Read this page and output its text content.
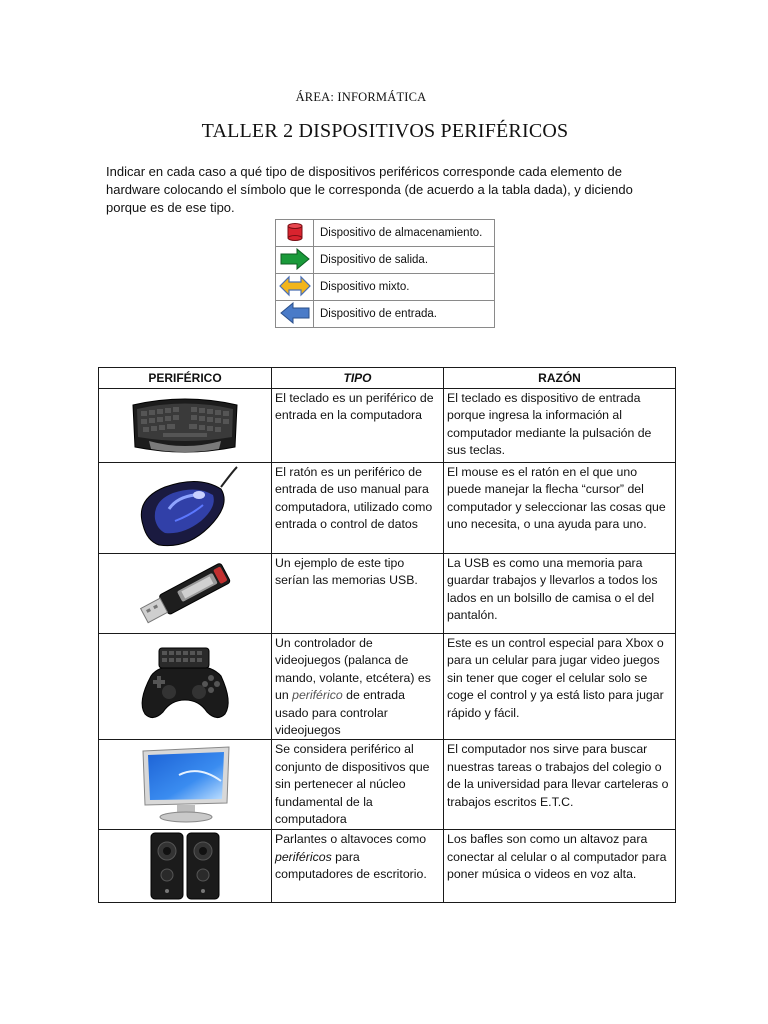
ÁREA: INFORMÁTICA
TALLER 2 DISPOSITIVOS PERIFÉRICOS
Indicar en cada caso a qué tipo de dispositivos periféricos corresponde cada elemento de hardware colocando el símbolo que le corresponda (de acuerdo a la tabla dada), y diciendo porque es de ese tipo.
	Dispositivo de almacenamiento.
	Dispositivo de salida.
	Dispositivo mixto.
	Dispositivo de entrada.
PERIFÉRICO	TIPO	RAZÓN

	El teclado es un periférico de entrada en la computadora	El teclado es dispositivo de entrada porque ingresa la información al computador mediante la pulsación de sus teclas.

	El ratón es un periférico de entrada de uso manual para computadora, utilizado como entrada o control de datos	El mouse es el ratón en el que uno puede manejar la flecha “cursor” del computador y seleccionar las cosas que uno necesita, o una ayuda para uno.

	Un ejemplo de este tipo serían las memorias USB.	La USB es como una memoria para guardar trabajos y llevarlos a todos los lados en un bolsillo de camisa o el del pantalón.

	Un controlador de videojuegos (palanca de mando, volante, etcétera) es un periférico de entrada usado para controlar videojuegos	Este es un control especial para Xbox o para un celular para jugar video juegos sin tener que coger el celular solo se coge el control y ya está listo para jugar rápido y fácil.

	Se considera periférico al conjunto de dispositivos que sin pertenecer al núcleo fundamental de la computadora	El computador nos sirve para buscar nuestras tareas o trabajos del colegio o de la universidad para llevar carteleras o trabajos escritos E.T.C.

	Parlantes o altavoces como periféricos para computadores de escritorio.	Los bafles son como un altavoz para conectar al celular o al computador para poner música o videos en voz alta.
